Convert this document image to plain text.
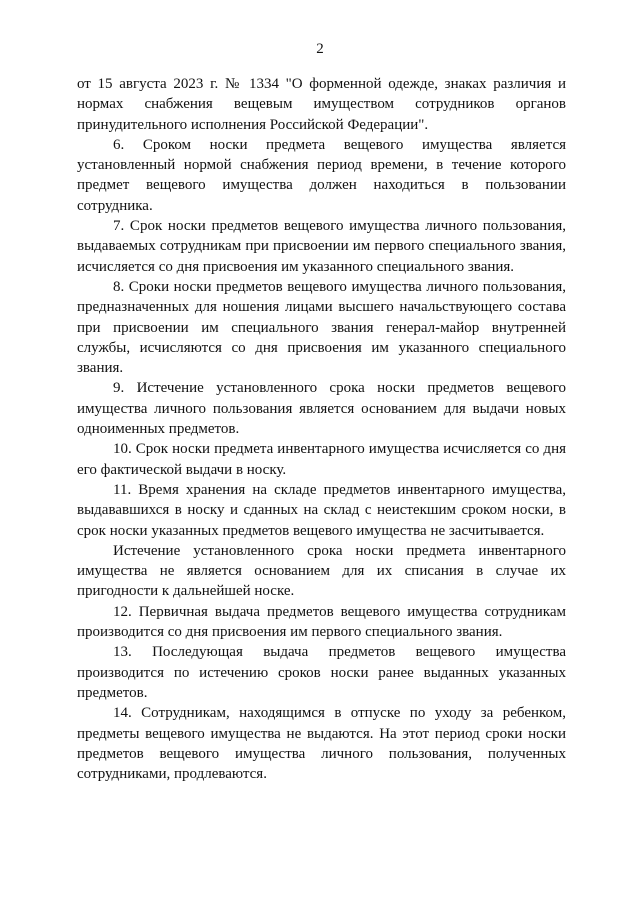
2

от 15 августа 2023 г. № 1334 "О форменной одежде, знаках различия и нормах снабжения вещевым имуществом сотрудников органов принудительного исполнения Российской Федерации".

6. Сроком носки предмета вещевого имущества является установленный нормой снабжения период времени, в течение которого предмет вещевого имущества должен находиться в пользовании сотрудника.

7. Срок носки предметов вещевого имущества личного пользования, выдаваемых сотрудникам при присвоении им первого специального звания, исчисляется со дня присвоения им указанного специального звания.

8. Сроки носки предметов вещевого имущества личного пользования, предназначенных для ношения лицами высшего начальствующего состава при присвоении им специального звания генерал-майор внутренней службы, исчисляются со дня присвоения им указанного специального звания.

9. Истечение установленного срока носки предметов вещевого имущества личного пользования является основанием для выдачи новых одноименных предметов.

10. Срок носки предмета инвентарного имущества исчисляется со дня его фактической выдачи в носку.

11. Время хранения на складе предметов инвентарного имущества, выдававшихся в носку и сданных на склад с неистекшим сроком носки, в срок носки указанных предметов вещевого имущества не засчитывается.

Истечение установленного срока носки предмета инвентарного имущества не является основанием для их списания в случае их пригодности к дальнейшей носке.

12. Первичная выдача предметов вещевого имущества сотрудникам производится со дня присвоения им первого специального звания.

13. Последующая выдача предметов вещевого имущества производится по истечению сроков носки ранее выданных указанных предметов.

14. Сотрудникам, находящимся в отпуске по уходу за ребенком, предметы вещевого имущества не выдаются. На этот период сроки носки предметов вещевого имущества личного пользования, полученных сотрудниками, продлеваются.
